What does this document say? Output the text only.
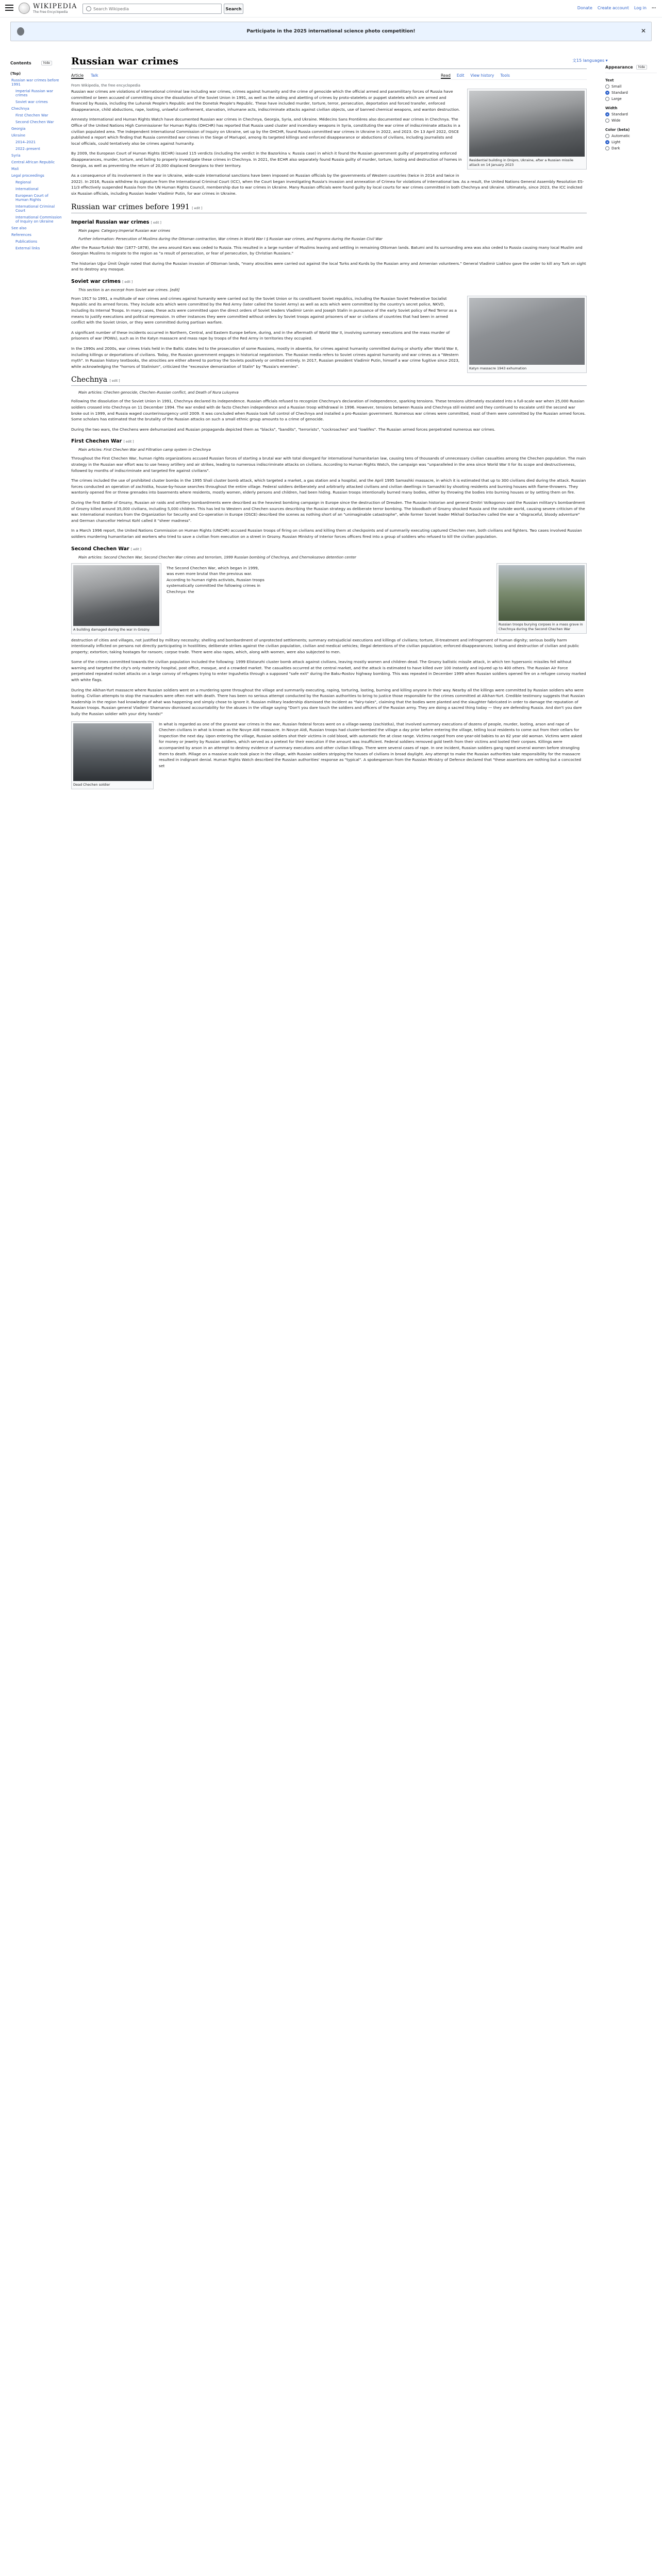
WIKIPEDIA
The Free Encyclopedia
Search Wikipedia
Search	Donate Create account Log in ⋯
Participate in the 2025 international science photo competition!	✕
Contents	hide
(Top)
Russian war crimes before 1991
Imperial Russian war crimes
Soviet war crimes
Chechnya
First Chechen War
Second Chechen War
Georgia
Ukraine
2014–2021
2022–present
Syria
Central African Republic
Mali
Legal proceedings
Regional
International
European Court of Human Rights
International Criminal Court
International Commission of Inquiry on Ukraine
See also
References
Publications
External links
Russian war crimes	文15 languages ▾
Article Talk	Read Edit View history Tools
From Wikipedia, the free encyclopedia
Appearance	hide
Text
Small
Standard
Large
Width
Standard
Wide
Color (beta)
Automatic
Light
Dark
Residential building in Dnipro, Ukraine, after a Russian missile attack on 14 January 2023

Russian war crimes are violations of international criminal law including war crimes, crimes against humanity and the crime of genocide which the official armed and paramilitary forces of Russia have committed or been accused of committing since the dissolution of the Soviet Union in 1991, as well as the aiding and abetting of crimes by proto-statelets or puppet statelets which are armed and financed by Russia, including the Luhansk People's Republic and the Donetsk People's Republic. These have included murder, torture, terror, persecution, deportation and forced transfer, enforced disappearance, child abductions, rape, looting, unlawful confinement, starvation, inhumane acts, indiscriminate attacks against civilian objects, use of banned chemical weapons, and wanton destruction.

Amnesty International and Human Rights Watch have documented Russian war crimes in Chechnya, Georgia, Syria, and Ukraine. Médecins Sans Frontières also documented war crimes in Chechnya. The Office of the United Nations High Commissioner for Human Rights (OHCHR) has reported that Russia used cluster and incendiary weapons in Syria, constituting the war crime of indiscriminate attacks in a civilian populated area. The Independent International Commission of Inquiry on Ukraine, set up by the OHCHR, found Russia committed war crimes in Ukraine in 2022, and 2023. On 13 April 2022, OSCE published a report which finding that Russia committed war crimes in the Siege of Mariupol, among its targeted killings and enforced disappearance or abductions of civilians, including journalists and local officials, could tentatively also be crimes against humanity.

By 2009, the European Court of Human Rights (ECHR) issued 115 verdicts (including the verdict in the Bazorkina v. Russia case) in which it found the Russian government guilty of perpetrating enforced disappearances, murder, torture, and failing to properly investigate these crimes in Chechnya. In 2021, the ECHR also separately found Russia guilty of murder, torture, looting and destruction of homes in Georgia, as well as preventing the return of 20,000 displaced Georgians to their territory.

As a consequence of its involvement in the war in Ukraine, wide-scale international sanctions have been imposed on Russian officials by the governments of Western countries (twice in 2014 and twice in 2022). In 2016, Russia withdrew its signature from the International Criminal Court (ICC), when the Court began investigating Russia's invasion and annexation of Crimea for violations of international law. As a result, the United Nations General Assembly Resolution ES-11/3 effectively suspended Russia from the UN Human Rights Council, membership due to war crimes in Ukraine. Many Russian officials were found guilty by local courts for war crimes committed in both Chechnya and Ukraine. Ultimately, since 2023, the ICC indicted six Russian officials, including Russian leader Vladimir Putin, for war crimes in Ukraine.

Russian war crimes before 1991 [ edit ]
Imperial Russian war crimes [ edit ]
Main pages: Category:Imperial Russian war crimes
Further information: Persecution of Muslims during the Ottoman contraction, War crimes in World War I § Russian war crimes, and Pogroms during the Russian Civil War

After the Russo-Turkish War (1877–1878), the area around Kars was ceded to Russia. This resulted in a large number of Muslims leaving and settling in remaining Ottoman lands. Batumi and its surrounding area was also ceded to Russia causing many local Muslim and Georgian Muslims to migrate to the region as "a result of persecution, or fear of persecution, by Christian Russians."

The historian Uğur Ümit Üngör noted that during the Russian invasion of Ottoman lands, "many atrocities were carried out against the local Turks and Kurds by the Russian army and Armenian volunteers." General Vladimir Liakhov gave the order to kill any Turk on sight and to destroy any mosque.

Soviet war crimes [ edit ]
This section is an excerpt from Soviet war crimes. [edit]
Katyn massacre 1943 exhumation

From 1917 to 1991, a multitude of war crimes and crimes against humanity were carried out by the Soviet Union or its constituent Soviet republics, including the Russian Soviet Federative Socialist Republic and its armed forces. They include acts which were committed by the Red Army (later called the Soviet Army) as well as acts which were committed by the country's secret police, NKVD, including its Internal Troops. In many cases, these acts were committed upon the direct orders of Soviet leaders Vladimir Lenin and Joseph Stalin in pursuance of the early Soviet policy of Red Terror as a means to justify executions and political repression. In other instances they were committed without orders by Soviet troops against prisoners of war or civilians of countries that had been in armed conflict with the Soviet Union, or they were committed during partisan warfare.

A significant number of these incidents occurred in Northern, Central, and Eastern Europe before, during, and in the aftermath of World War II, involving summary executions and the mass murder of prisoners of war (POWs), such as in the Katyn massacre and mass rape by troops of the Red Army in territories they occupied.

In the 1990s and 2000s, war crimes trials held in the Baltic states led to the prosecution of some Russians, mostly in absentia, for crimes against humanity committed during or shortly after World War II, including killings or deportations of civilians. Today, the Russian government engages in historical negationism. The Russian media refers to Soviet crimes against humanity and war crimes as a "Western myth". In Russian history textbooks, the atrocities are either altered to portray the Soviets positively or omitted entirely. In 2017, Russian president Vladimir Putin, himself a war crime fugitive since 2023, while acknowledging the "horrors of Stalinism", criticized the "excessive demonization of Stalin" by "Russia's enemies".

Chechnya [ edit ]
Main articles: Chechen genocide, Chechen–Russian conflict, and Death of Nura Luluyeva

Following the dissolution of the Soviet Union in 1991, Chechnya declared its independence. Russian officials refused to recognize Chechnya's declaration of independence, sparking tensions. These tensions ultimately escalated into a full-scale war when 25,000 Russian soldiers crossed into Chechnya on 11 December 1994. The war ended with de facto Chechen independence and a Russian troop withdrawal in 1996. However, tensions between Russia and Chechnya still existed and they continued to escalate until the second war broke out in 1999, and Russia waged counterinsurgency until 2009. It was concluded when Russia took full control of Chechnya and installed a pro-Russian government. Numerous war crimes were committed, most of them were committed by the Russian armed forces. Some scholars has estimated that the brutality of the Russian attacks on such a small ethnic group amounts to a crime of genocide.

During the two wars, the Chechens were dehumanized and Russian propaganda depicted them as "blacks", "bandits", "terrorists", "cockroaches" and "lowlifes". The Russian armed forces perpetrated numerous war crimes.

First Chechen War [ edit ]
Main articles: First Chechen War and Filtration camp system in Chechnya

Throughout the First Chechen War, human rights organizations accused Russian forces of starting a brutal war with total disregard for international humanitarian law, causing tens of thousands of unnecessary civilian casualties among the Chechen population. The main strategy in the Russian war effort was to use heavy artillery and air strikes, leading to numerous indiscriminate attacks on civilians. According to Human Rights Watch, the campaign was "unparalleled in the area since World War II for its scope and destructiveness, followed by months of indiscriminate and targeted fire against civilians".

The crimes included the use of prohibited cluster bombs in the 1995 Shali cluster bomb attack, which targeted a market, a gas station and a hospital, and the April 1995 Samashki massacre, in which it is estimated that up to 300 civilians died during the attack. Russian forces conducted an operation of zachistka, house-by-house searches throughout the entire village. Federal soldiers deliberately and arbitrarily attacked civilians and civilian dwellings in Samashki by shooting residents and burning houses with flame-throwers. They wantonly opened fire or threw grenades into basements where residents, mostly women, elderly persons and children, had been hiding. Russian troops intentionally burned many bodies, either by throwing the bodies into burning houses or by setting them on fire.

During the first Battle of Grozny, Russian air raids and artillery bombardments were described as the heaviest bombing campaign in Europe since the destruction of Dresden. The Russian historian and general Dmitri Volkogonov said the Russian military's bombardment of Grozny killed around 35,000 civilians, including 5,000 children. This has led to Western and Chechen sources describing the Russian strategy as deliberate terror bombing. The bloodbath of Grozny shocked Russia and the outside world, causing severe criticism of the war. International monitors from the Organization for Security and Co-operation in Europe (OSCE) described the scenes as nothing short of an "unimaginable catastrophe", while former Soviet leader Mikhail Gorbachev called the war a "disgraceful, bloody adventure" and German chancellor Helmut Kohl called it "sheer madness".

In a March 1996 report, the United Nations Commission on Human Rights (UNCHR) accused Russian troops of firing on civilians and killing them at checkpoints and of summarily executing captured Chechen men, both civilians and fighters. Two cases involved Russian soldiers murdering humanitarian aid workers who tried to save a civilian from execution on a street in Grozny. Russian Ministry of Interior forces officers fired into a group of soldiers who refused to kill the civilian population.

Second Chechen War [ edit ]
Main articles: Second Chechen War, Second Chechen War crimes and terrorism, 1999 Russian bombing of Chechnya, and Chernokozovo detention center
A building damaged during the war in Grozny

The Second Chechen War, which began in 1999, was even more brutal than the previous war. According to human rights activists, Russian troops systematically committed the following crimes in Chechnya: the

Russian troops burying corpses in a mass grave in Chechnya during the Second Chechen War

destruction of cities and villages, not justified by military necessity; shelling and bombardment of unprotected settlements; summary extrajudicial executions and killings of civilians; torture, ill-treatment and infringement of human dignity; serious bodily harm intentionally inflicted on persons not directly participating in hostilities; deliberate strikes against the civilian population, civilian and medical vehicles; illegal detentions of the civilian population; enforced disappearances; looting and destruction of civilian and public property; extortion; taking hostages for ransom; corpse trade. There were also rapes, which, along with women, were also subjected to men.

Some of the crimes committed towards the civilian population included the following: 1999 Elistanzhi cluster bomb attack against civilians, leaving mostly women and children dead. The Grozny ballistic missile attack, in which ten hypersonic missiles fell without warning and targeted the city's only maternity hospital, post office, mosque, and a crowded market. The casualties occurred at the central market, and the attack is estimated to have killed over 100 instantly and injured up to 400 others. The Russian Air Force perpetrated repeated rocket attacks on a large convoy of refugees trying to enter Ingushetia through a supposed "safe exit" during the Baku-Rostov highway bombing. This was repeated in December 1999 when Russian soldiers opened fire on a refugee convoy marked with white flags.

During the Alkhan-Yurt massacre where Russian soldiers went on a murdering spree throughout the village and summarily executing, raping, torturing, looting, burning and killing anyone in their way. Nearby all the killings were committed by Russian soldiers who were looting. Civilian attempts to stop the marauders were often met with death. There has been no serious attempt conducted by the Russian authorities to bring to justice those responsible for the crimes committed at Alkhan-Yurt. Credible testimony suggests that Russian leadership in the region had knowledge of what was happening and simply chose to ignore it. Russian military leadership dismissed the incident as "fairy-tales", claiming that the bodies were planted and the slaughter fabricated in order to damage the reputation of Russian troops. Russian general Vladimir Shamanov dismissed accountability for the abuses in the village saying "Don't you dare touch the soldiers and officers of the Russian army. They are doing a sacred thing today — they are defending Russia. And don't you dare bully the Russian soldier with your dirty hands!"

Dead Chechen soldier

In what is regarded as one of the gravest war crimes in the war, Russian federal forces went on a village-sweep (zachistka), that involved summary executions of dozens of people, murder, looting, arson and rape of Chechen civilians in what is known as the Novye Aldi massacre. In Novye Aldi, Russian troops had cluster-bombed the village a day prior before entering the village, telling local residents to come out from their cellars for inspection the next day. Upon entering the village, Russian soldiers shot their victims in cold blood, with automatic fire at close range. Victims ranged from one-year-old babies to an 82 year old woman. Victims were asked for money or jewelry by Russian soldiers, which served as a pretext for their execution if the amount was insufficient. Federal soldiers removed gold teeth from their victims and looted their corpses. Killings were accompanied by arson in an attempt to destroy evidence of summary executions and other civilian killings. There were several cases of rape. In one incident, Russian soldiers gang raped several women before strangling them to death. Pillage on a massive scale took place in the village, with Russian soldiers stripping the houses of civilians in broad daylight. Any attempt to make the Russian authorities take responsibility for the massacre resulted in indignant denial. Human Rights Watch described the Russian authorities' response as "typical". A spokesperson from the Russian Ministry of Defence declared that "these assertions are nothing but a concocted set
